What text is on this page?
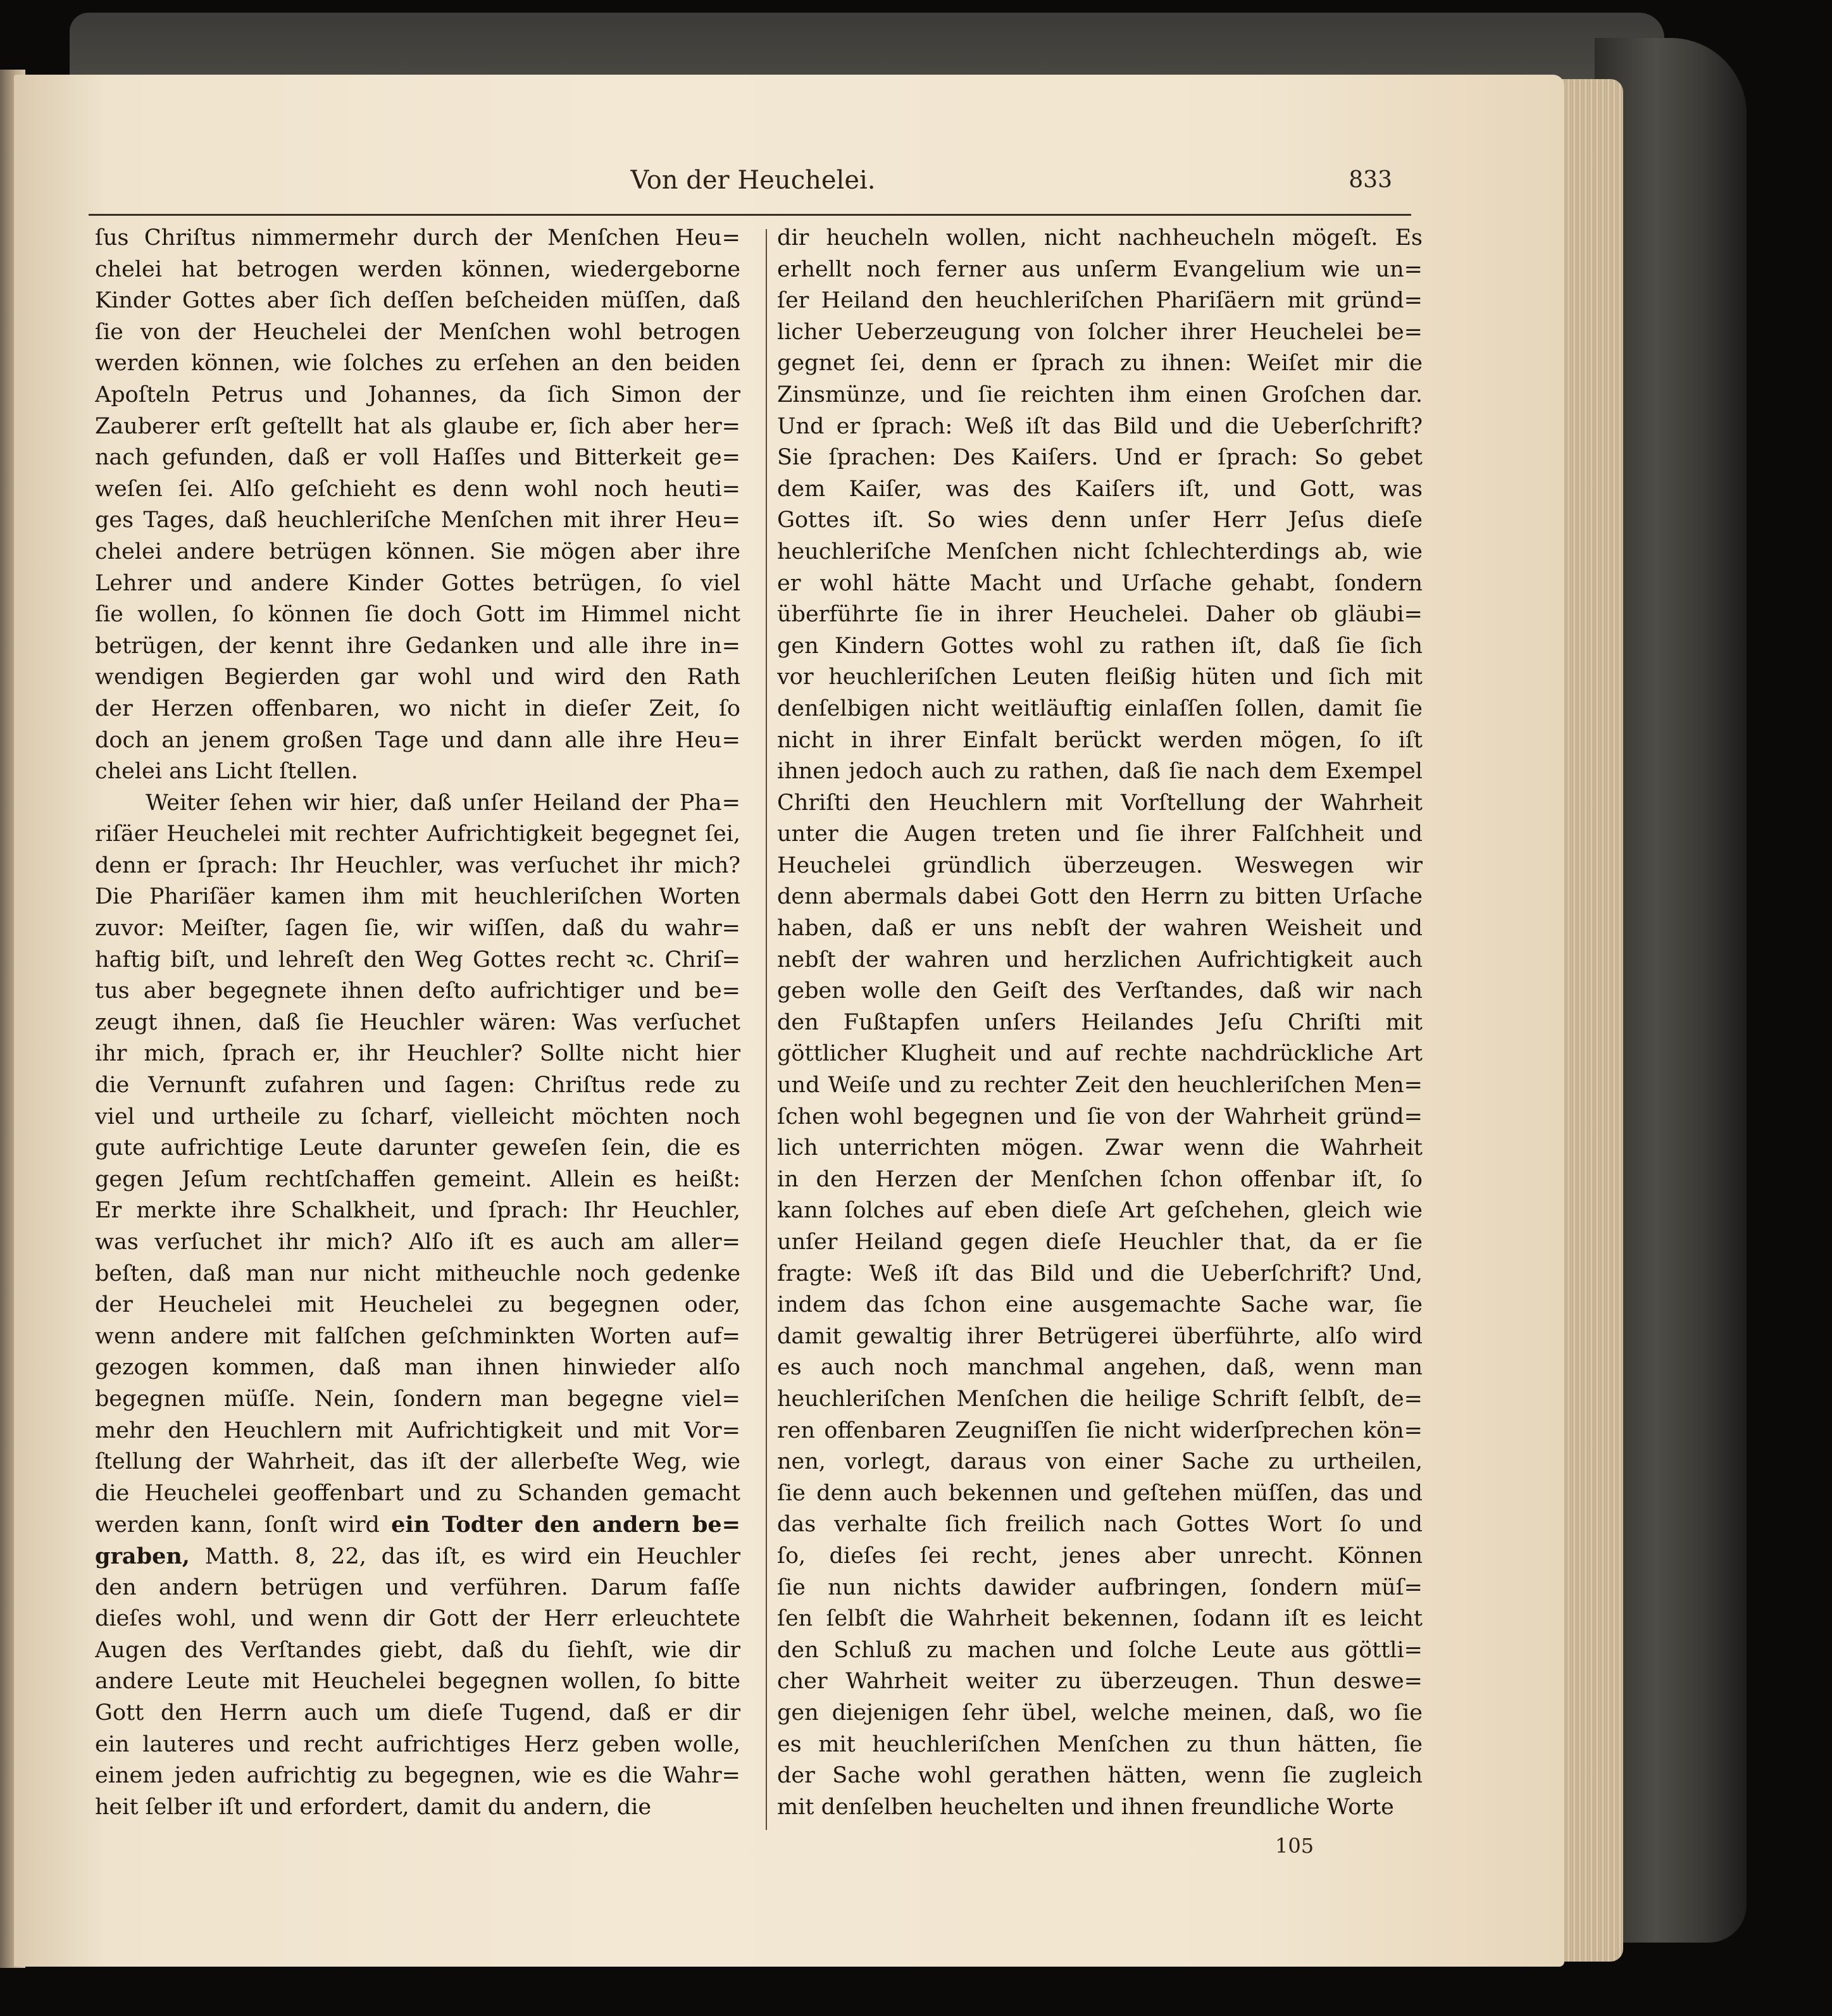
Von der Heuchelei.	833
ſus Chriſtus nimmermehr durch der Menſchen Heu=
chelei hat betrogen werden können, wiedergeborne
Kinder Gottes aber ſich deſſen beſcheiden müſſen, daß
ſie von der Heuchelei der Menſchen wohl betrogen
werden können, wie ſolches zu erſehen an den beiden
Apoſteln Petrus und Johannes, da ſich Simon der
Zauberer erſt geſtellt hat als glaube er, ſich aber her=
nach gefunden, daß er voll Haſſes und Bitterkeit ge=
weſen ſei. Alſo geſchieht es denn wohl noch heuti=
ges Tages, daß heuchleriſche Menſchen mit ihrer Heu=
chelei andere betrügen können. Sie mögen aber ihre
Lehrer und andere Kinder Gottes betrügen, ſo viel
ſie wollen, ſo können ſie doch Gott im Himmel nicht
betrügen, der kennt ihre Gedanken und alle ihre in=
wendigen Begierden gar wohl und wird den Rath
der Herzen offenbaren, wo nicht in dieſer Zeit, ſo
doch an jenem großen Tage und dann alle ihre Heu=
chelei ans Licht ſtellen.
Weiter ſehen wir hier, daß unſer Heiland der Pha=
riſäer Heuchelei mit rechter Aufrichtigkeit begegnet ſei,
denn er ſprach: Ihr Heuchler, was verſuchet ihr mich?
Die Phariſäer kamen ihm mit heuchleriſchen Worten
zuvor: Meiſter, ſagen ſie, wir wiſſen, daß du wahr=
haftig biſt, und lehreſt den Weg Gottes recht ꝛc. Chriſ=
tus aber begegnete ihnen deſto aufrichtiger und be=
zeugt ihnen, daß ſie Heuchler wären: Was verſuchet
ihr mich, ſprach er, ihr Heuchler? Sollte nicht hier
die Vernunft zufahren und ſagen: Chriſtus rede zu
viel und urtheile zu ſcharf, vielleicht möchten noch
gute aufrichtige Leute darunter geweſen ſein, die es
gegen Jeſum rechtſchaffen gemeint. Allein es heißt:
Er merkte ihre Schalkheit, und ſprach: Ihr Heuchler,
was verſuchet ihr mich? Alſo iſt es auch am aller=
beſten, daß man nur nicht mitheuchle noch gedenke
der Heuchelei mit Heuchelei zu begegnen oder,
wenn andere mit falſchen geſchminkten Worten auf=
gezogen kommen, daß man ihnen hinwieder alſo
begegnen müſſe. Nein, ſondern man begegne viel=
mehr den Heuchlern mit Aufrichtigkeit und mit Vor=
ſtellung der Wahrheit, das iſt der allerbeſte Weg, wie
die Heuchelei geoffenbart und zu Schanden gemacht
werden kann, ſonſt wird ein Todter den andern be=
graben, Matth. 8, 22, das iſt, es wird ein Heuchler
den andern betrügen und verführen. Darum faſſe
dieſes wohl, und wenn dir Gott der Herr erleuchtete
Augen des Verſtandes giebt, daß du ſiehſt, wie dir
andere Leute mit Heuchelei begegnen wollen, ſo bitte
Gott den Herrn auch um dieſe Tugend, daß er dir
ein lauteres und recht aufrichtiges Herz geben wolle,
einem jeden aufrichtig zu begegnen, wie es die Wahr=
heit ſelber iſt und erfordert, damit du andern, die
dir heucheln wollen, nicht nachheucheln mögeſt. Es
erhellt noch ferner aus unſerm Evangelium wie un=
ſer Heiland den heuchleriſchen Phariſäern mit gründ=
licher Ueberzeugung von ſolcher ihrer Heuchelei be=
gegnet ſei, denn er ſprach zu ihnen: Weiſet mir die
Zinsmünze, und ſie reichten ihm einen Groſchen dar.
Und er ſprach: Weß iſt das Bild und die Ueberſchrift?
Sie ſprachen: Des Kaiſers. Und er ſprach: So gebet
dem Kaiſer, was des Kaiſers iſt, und Gott, was
Gottes iſt. So wies denn unſer Herr Jeſus dieſe
heuchleriſche Menſchen nicht ſchlechterdings ab, wie
er wohl hätte Macht und Urſache gehabt, ſondern
überführte ſie in ihrer Heuchelei. Daher ob gläubi=
gen Kindern Gottes wohl zu rathen iſt, daß ſie ſich
vor heuchleriſchen Leuten fleißig hüten und ſich mit
denſelbigen nicht weitläuftig einlaſſen ſollen, damit ſie
nicht in ihrer Einfalt berückt werden mögen, ſo iſt
ihnen jedoch auch zu rathen, daß ſie nach dem Exempel
Chriſti den Heuchlern mit Vorſtellung der Wahrheit
unter die Augen treten und ſie ihrer Falſchheit und
Heuchelei gründlich überzeugen. Weswegen wir
denn abermals dabei Gott den Herrn zu bitten Urſache
haben, daß er uns nebſt der wahren Weisheit und
nebſt der wahren und herzlichen Aufrichtigkeit auch
geben wolle den Geiſt des Verſtandes, daß wir nach
den Fußtapfen unſers Heilandes Jeſu Chriſti mit
göttlicher Klugheit und auf rechte nachdrückliche Art
und Weiſe und zu rechter Zeit den heuchleriſchen Men=
ſchen wohl begegnen und ſie von der Wahrheit gründ=
lich unterrichten mögen. Zwar wenn die Wahrheit
in den Herzen der Menſchen ſchon offenbar iſt, ſo
kann ſolches auf eben dieſe Art geſchehen, gleich wie
unſer Heiland gegen dieſe Heuchler that, da er ſie
fragte: Weß iſt das Bild und die Ueberſchrift? Und,
indem das ſchon eine ausgemachte Sache war, ſie
damit gewaltig ihrer Betrügerei überführte, alſo wird
es auch noch manchmal angehen, daß, wenn man
heuchleriſchen Menſchen die heilige Schrift ſelbſt, de=
ren offenbaren Zeugniſſen ſie nicht widerſprechen kön=
nen, vorlegt, daraus von einer Sache zu urtheilen,
ſie denn auch bekennen und geſtehen müſſen, das und
das verhalte ſich freilich nach Gottes Wort ſo und
ſo, dieſes ſei recht, jenes aber unrecht. Können
ſie nun nichts dawider aufbringen, ſondern müſ=
ſen ſelbſt die Wahrheit bekennen, ſodann iſt es leicht
den Schluß zu machen und ſolche Leute aus göttli=
cher Wahrheit weiter zu überzeugen. Thun deswe=
gen diejenigen ſehr übel, welche meinen, daß, wo ſie
es mit heuchleriſchen Menſchen zu thun hätten, ſie
der Sache wohl gerathen hätten, wenn ſie zugleich
mit denſelben heuchelten und ihnen freundliche Worte
105
